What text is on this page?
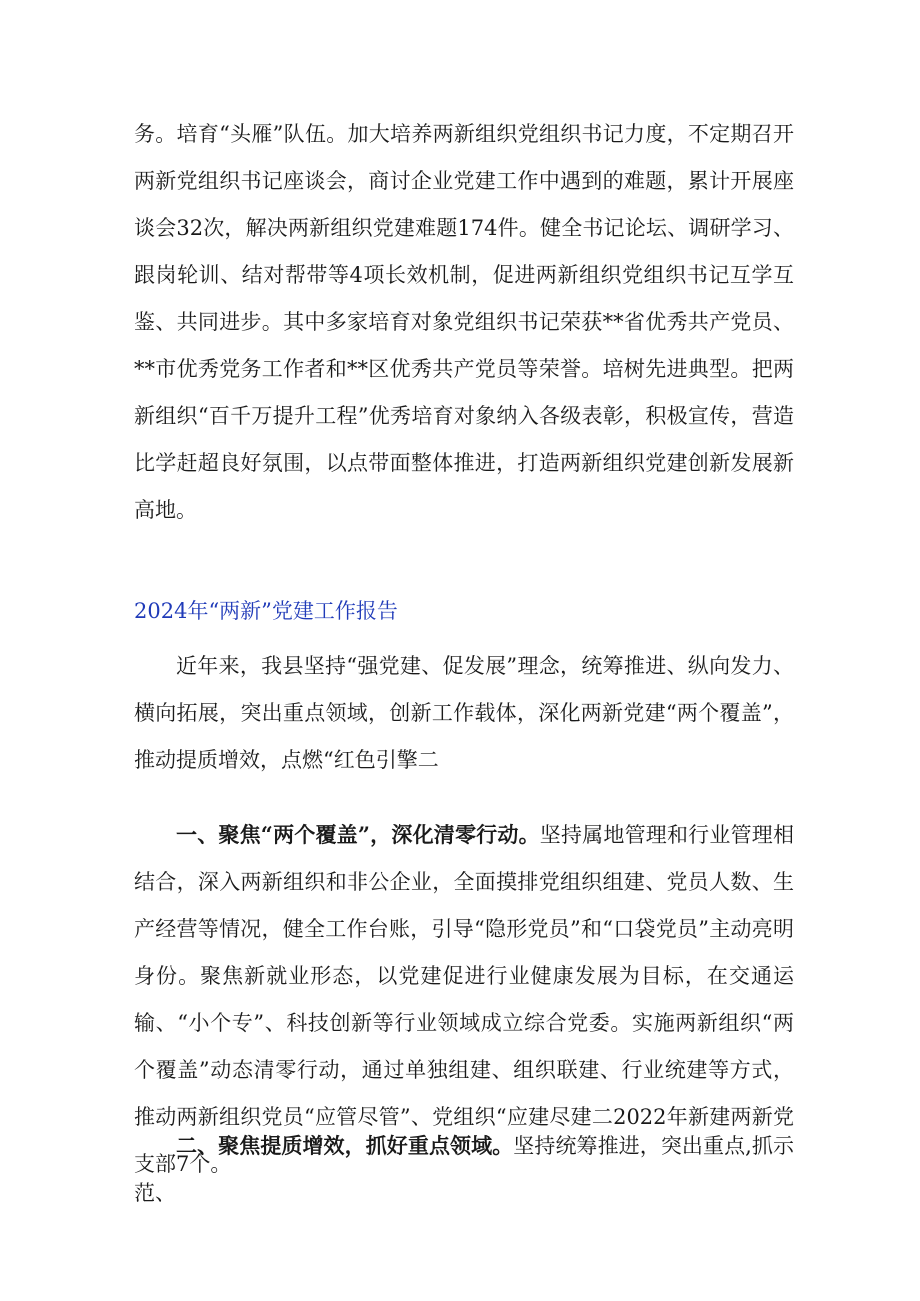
务。培育“头雁”队伍。加大培养两新组织党组织书记力度，不定期召开两新党组织书记座谈会，商讨企业党建工作中遇到的难题，累计开展座谈会32次，解决两新组织党建难题174件。健全书记论坛、调研学习、跟岗轮训、结对帮带等4项长效机制，促进两新组织党组织书记互学互鉴、共同进步。其中多家培育对象党组织书记荣获**省优秀共产党员、**市优秀党务工作者和**区优秀共产党员等荣誉。培树先进典型。把两新组织“百千万提升工程”优秀培育对象纳入各级表彰，积极宣传，营造比学赶超良好氛围，以点带面整体推进，打造两新组织党建创新发展新高地。
2024年“两新”党建工作报告
近年来，我县坚持“强党建、促发展”理念，统筹推进、纵向发力、横向拓展，突出重点领域，创新工作载体，深化两新党建“两个覆盖”，推动提质增效，点燃“红色引擎二
一、聚焦“两个覆盖”，深化清零行动。坚持属地管理和行业管理相结合，深入两新组织和非公企业，全面摸排党组织组建、党员人数、生产经营等情况，健全工作台账，引导“隐形党员”和“口袋党员”主动亮明身份。聚焦新就业形态，以党建促进行业健康发展为目标，在交通运输、“小个专”、科技创新等行业领域成立综合党委。实施两新组织“两个覆盖”动态清零行动，通过单独组建、组织联建、行业统建等方式，推动两新组织党员“应管尽管”、党组织“应建尽建二2022年新建两新党支部7个。
二、聚焦提质增效，抓好重点领域。坚持统筹推进，突出重点,抓示范、
